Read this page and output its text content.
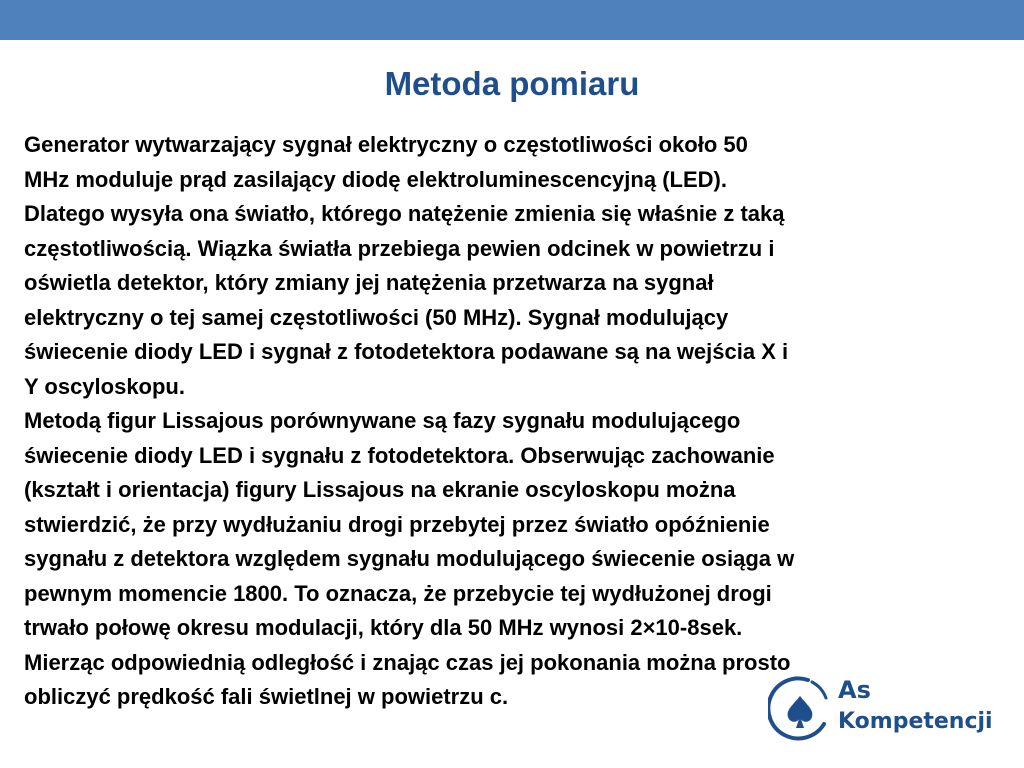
Metoda pomiaru
Generator wytwarzający sygnał elektryczny o częstotliwości około 50
MHz moduluje prąd zasilający diodę elektroluminescencyjną (LED).
Dlatego wysyła ona światło, którego natężenie zmienia się właśnie z taką
częstotliwością. Wiązka światła przebiega pewien odcinek w powietrzu i
oświetla detektor, który zmiany jej natężenia przetwarza na sygnał
elektryczny o tej samej częstotliwości (50 MHz). Sygnał modulujący
świecenie diody LED i sygnał z fotodetektora podawane są na wejścia X i
Y oscyloskopu.
Metodą figur Lissajous porównywane są fazy sygnału modulującego
świecenie diody LED i sygnału z fotodetektora. Obserwując zachowanie
(kształt i orientacja) figury Lissajous na ekranie oscyloskopu można
stwierdzić, że przy wydłużaniu drogi przebytej przez światło opóźnienie
sygnału z detektora względem sygnału modulującego świecenie osiąga w
pewnym momencie 1800. To oznacza, że przebycie tej wydłużonej drogi
trwało połowę okresu modulacji, który dla 50 MHz wynosi 2×10-8sek.
Mierząc odpowiednią odległość i znając czas jej pokonania można prosto
obliczyć prędkość fali świetlnej w powietrzu c.	As
Kompetencji
